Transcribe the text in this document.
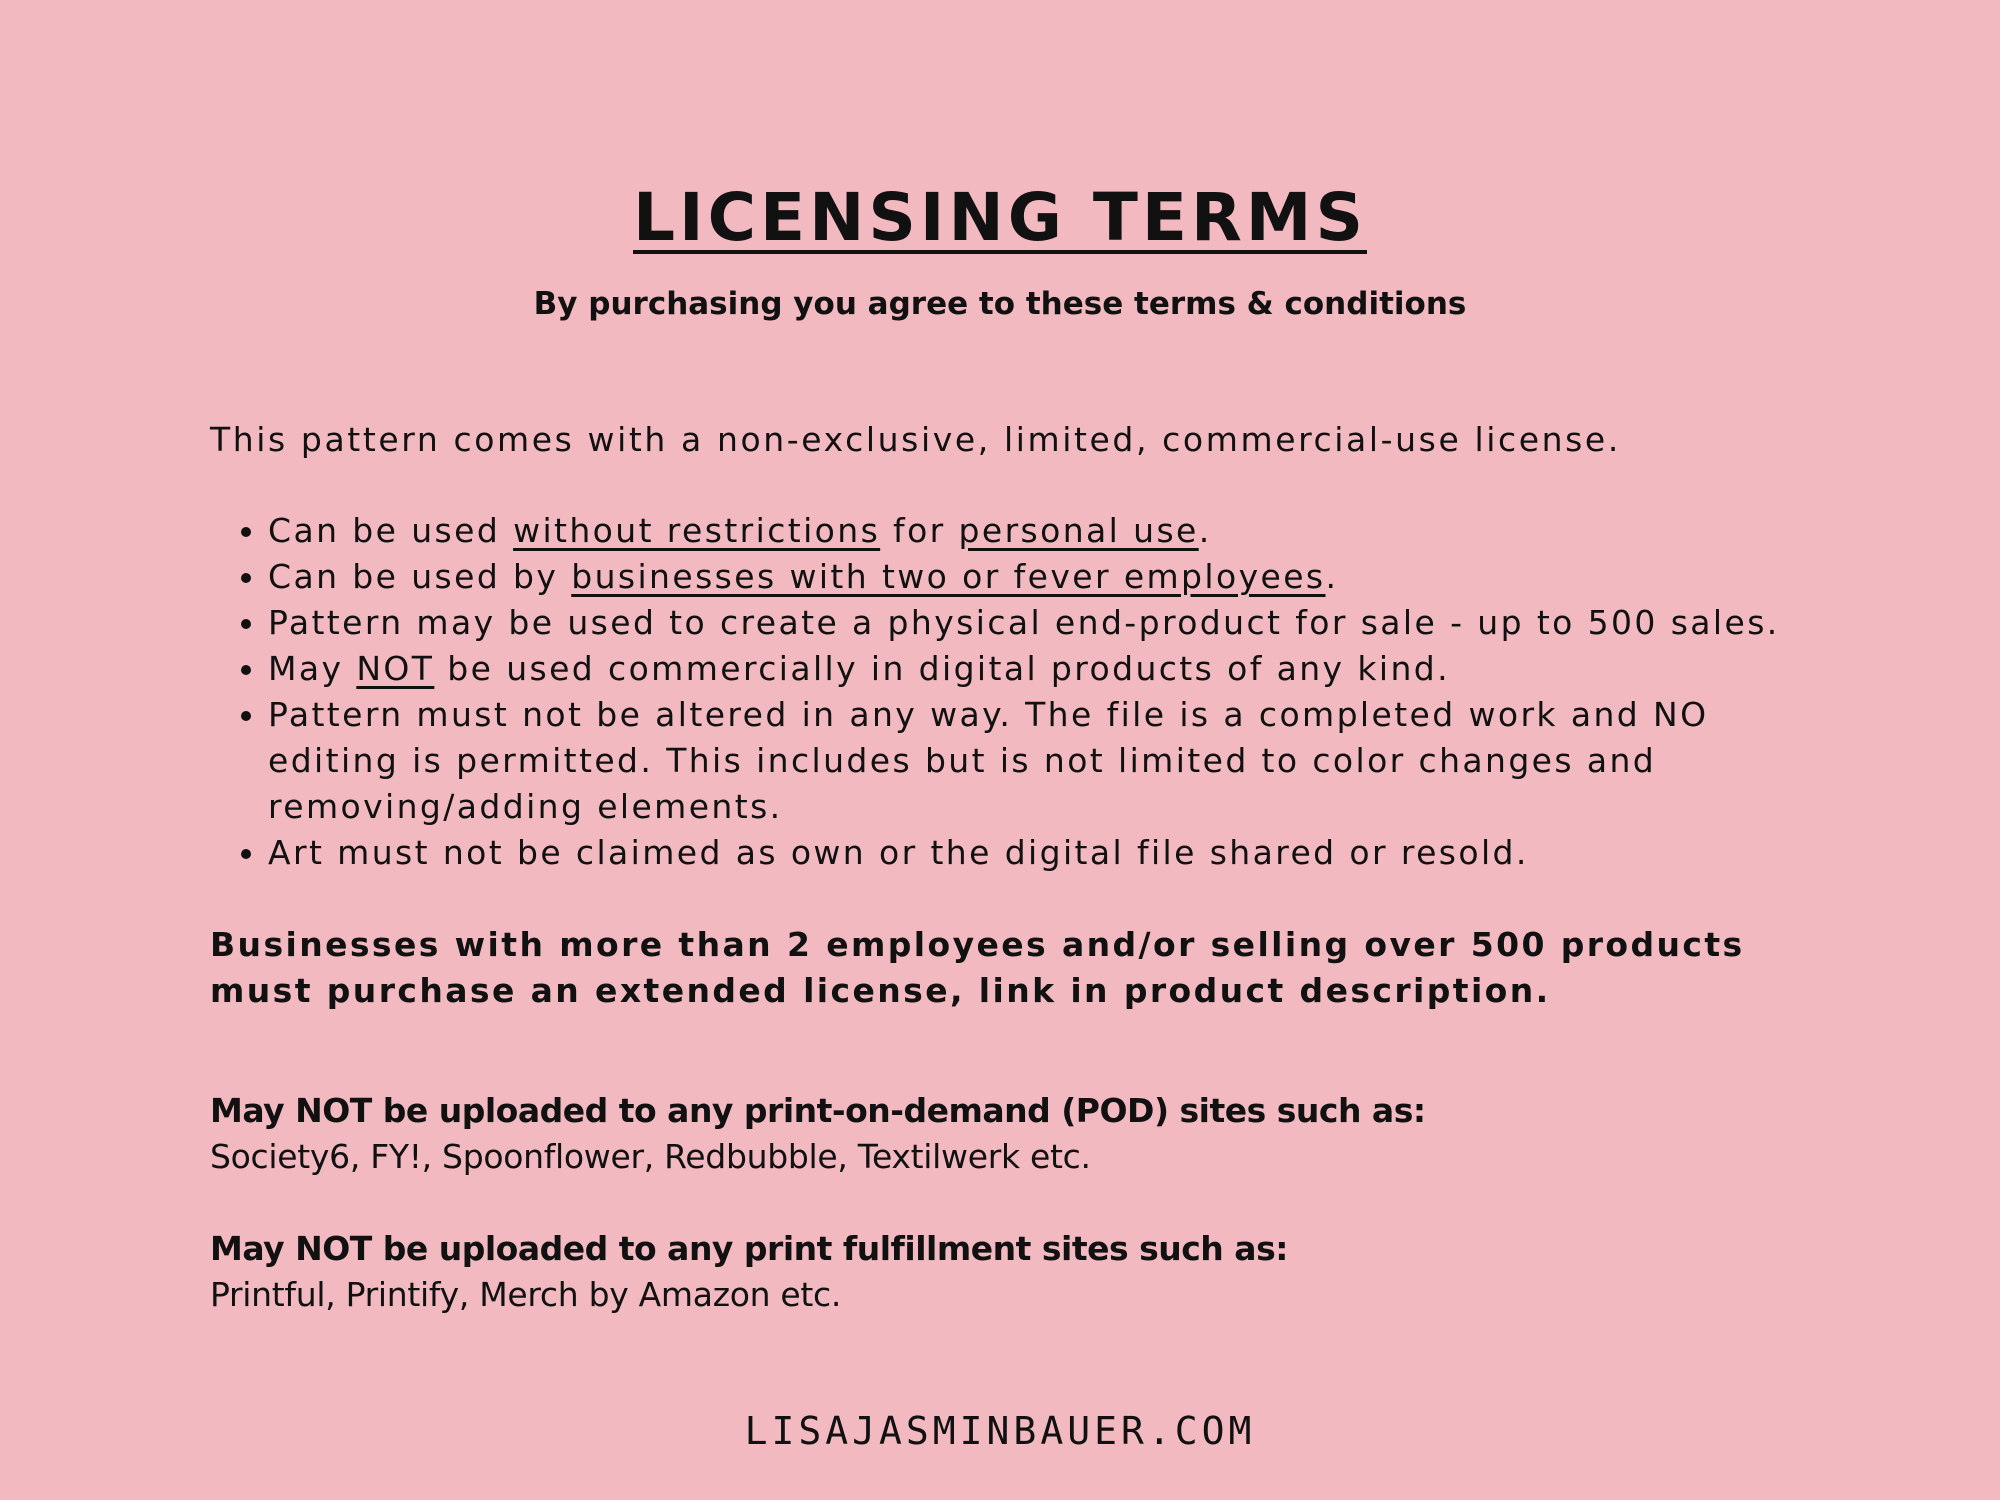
LICENSING TERMS
By purchasing you agree to these terms & conditions
This pattern comes with a non-exclusive, limited, commercial-use license.
• Can be used without restrictions for personal use.
• Can be used by businesses with two or fever employees.
• Pattern may be used to create a physical end-product for sale - up to 500 sales.
• May NOT be used commercially in digital products of any kind.
• Pattern must not be altered in any way. The file is a completed work and NO
editing is permitted. This includes but is not limited to color changes and
removing/adding elements.
• Art must not be claimed as own or the digital file shared or resold.
Businesses with more than 2 employees and/or selling over 500 products
must purchase an extended license, link in product description.
May NOT be uploaded to any print-on-demand (POD) sites such as:
Society6, FY!, Spoonflower, Redbubble, Textilwerk etc.
May NOT be uploaded to any print fulfillment sites such as:
Printful, Printify, Merch by Amazon etc.
LISAJASMINBAUER.COM
